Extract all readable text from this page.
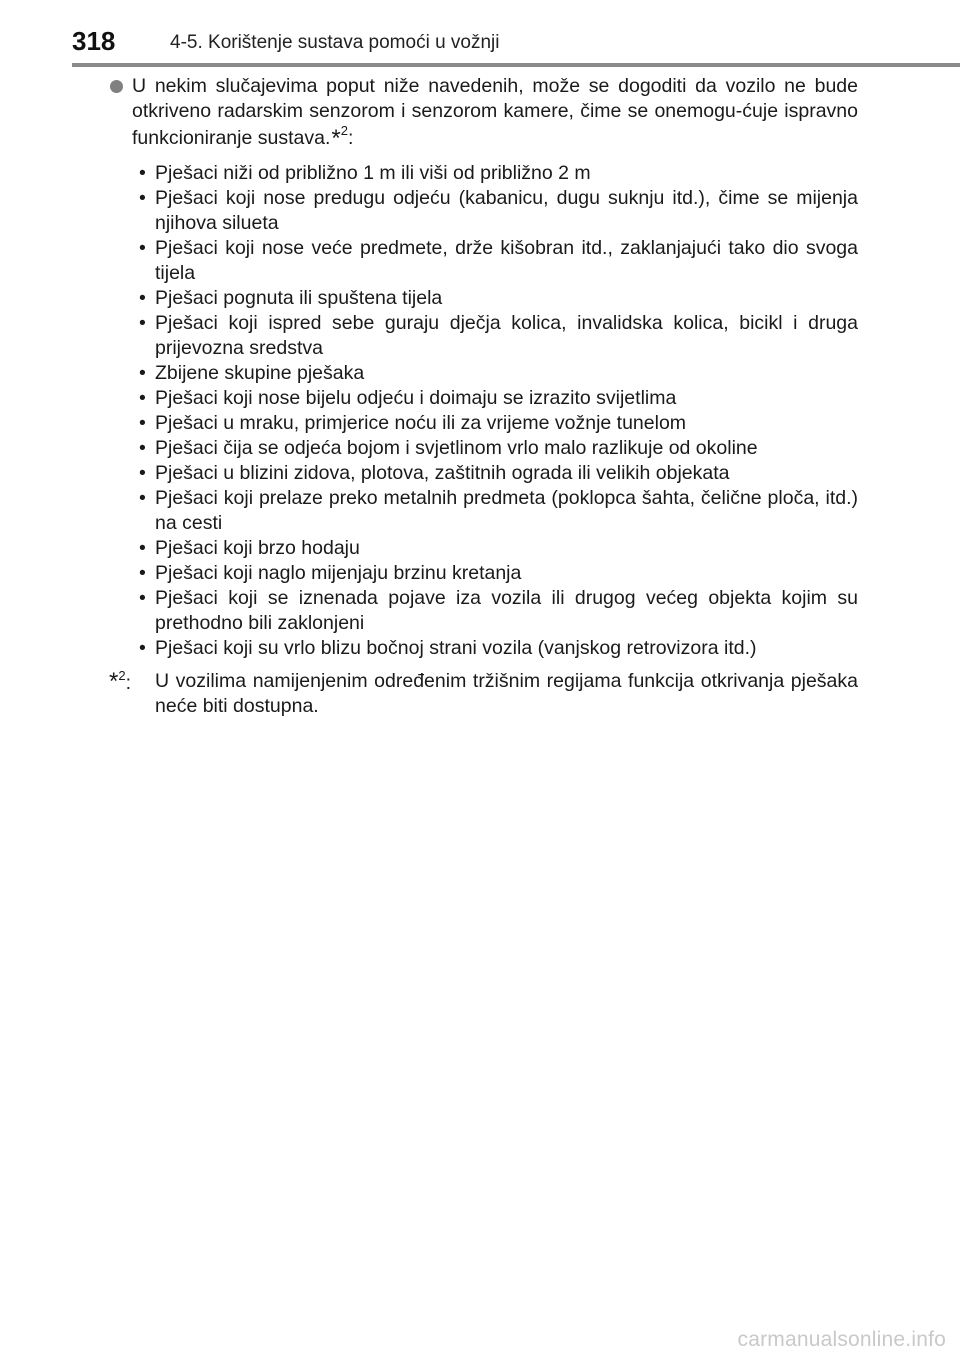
318	4-5. Korištenje sustava pomoći u vožnji

U nekim slučajevima poput niže navedenih, može se dogoditi da vozilo ne bude otkriveno radarskim senzorom i senzorom kamere, čime se onemogu-ćuje ispravno funkcioniranje sustava.*$^2$:

• Pješaci niži od približno 1 m ili viši od približno 2 m
• Pješaci koji nose predugu odjeću (kabanicu, dugu suknju itd.), čime se mijenja njihova silueta
• Pješaci koji nose veće predmete, drže kišobran itd., zaklanjajući tako dio svoga tijela
• Pješaci pognuta ili spuštena tijela
• Pješaci koji ispred sebe guraju dječja kolica, invalidska kolica, bicikl i druga prijevozna sredstva
• Zbijene skupine pješaka
• Pješaci koji nose bijelu odjeću i doimaju se izrazito svijetlima
• Pješaci u mraku, primjerice noću ili za vrijeme vožnje tunelom
• Pješaci čija se odjeća bojom i svjetlinom vrlo malo razlikuje od okoline
• Pješaci u blizini zidova, plotova, zaštitnih ograda ili velikih objekata
• Pješaci koji prelaze preko metalnih predmeta (poklopca šahta, čelične ploča, itd.) na cesti
• Pješaci koji brzo hodaju
• Pješaci koji naglo mijenjaju brzinu kretanja
• Pješaci koji se iznenada pojave iza vozila ili drugog većeg objekta kojim su prethodno bili zaklonjeni
• Pješaci koji su vrlo blizu bočnoj strani vozila (vanjskog retrovizora itd.)
*$^2$: U vozilima namijenjenim određenim tržišnim regijama funkcija otkrivanja pješaka neće biti dostupna.
carmanualsonline.info
